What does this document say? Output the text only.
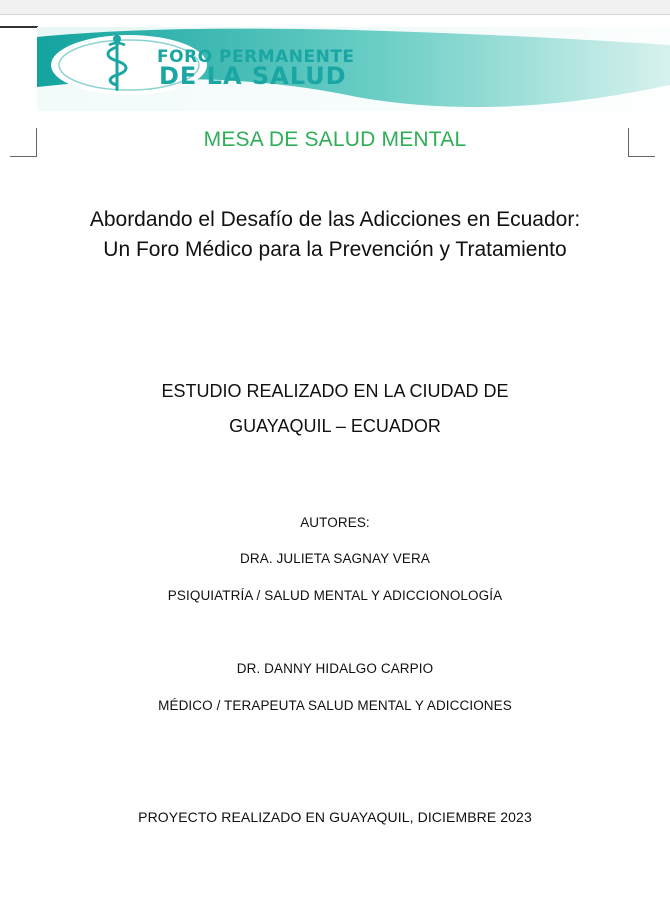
FORO PERMANENTE
DE LA SALUD
MESA DE SALUD MENTAL
Abordando el Desafío de las Adicciones en Ecuador:
Un Foro Médico para la Prevención y Tratamiento
ESTUDIO REALIZADO EN LA CIUDAD DE
GUAYAQUIL – ECUADOR
AUTORES:
DRA. JULIETA SAGNAY VERA
PSIQUIATRÍA / SALUD MENTAL Y ADICCIONOLOGÍA
DR. DANNY HIDALGO CARPIO
MÉDICO / TERAPEUTA SALUD MENTAL Y ADICCIONES
PROYECTO REALIZADO EN GUAYAQUIL, DICIEMBRE 2023
